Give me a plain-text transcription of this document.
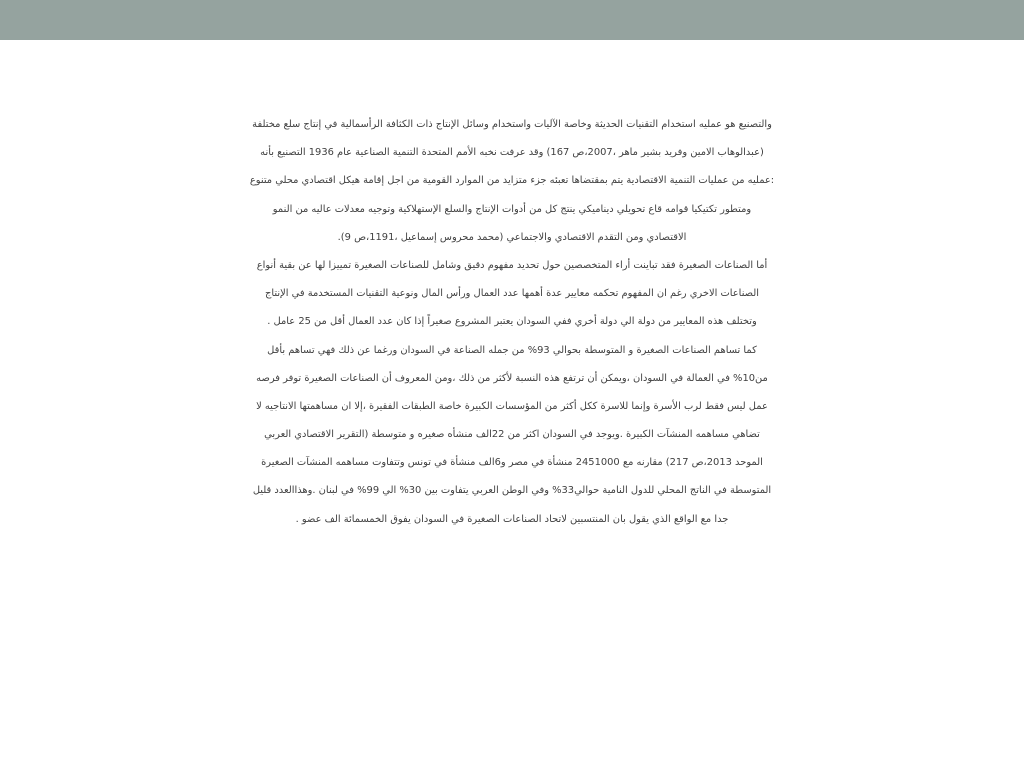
والتصنيع هو عمليه استخدام التقنيات الحديثة وخاصة الآليات واستخدام وسائل الإنتاج ذات الكثافة الرأسمالية في إنتاج سلع مختلفة
(عبدالوهاب الامين وفريد بشير ماهر ،2007،ص 167) وقد عرفت نخبه الأمم المتحدة التنمية الصناعية عام 1936 التصنيع بأنه
:عمليه من عمليات التنمية الاقتصادية يتم بمقتضاها تعبئه جزء متزايد من الموارد القومية من اجل إقامة هيكل اقتصادي محلي متنوع
ومتطور تكتيكيا قوامه قاع تحويلي ديناميكي ينتج كل من أدوات الإنتاج والسلع الإستهلاكية وتوجيه معدلات عاليه من النمو
الاقتصادي ومن التقدم الاقتصادي والاجتماعي (محمد محروس إسماعيل ،1191،ص 9).
أما الصناعات الصغيرة فقد تباينت أراء المتخصصين حول تحديد مفهوم دقيق وشامل للصناعات الصغيرة تمييزا لها عن بقية أنواع
الصناعات الاخري رغم ان المفهوم تحكمه معايير عدة أهمها عدد العمال ورأس المال ونوعية التقنيات المستخدمة في الإنتاج
وتختلف هذه المعايير من دولة الي دولة أخري ففي السودان يعتبر المشروع صغيراً إذا كان عدد العمال أقل من 25 عامل .
كما تساهم الصناعات الصغيرة و المتوسطة بحوالي 93% من جمله الصناعة في السودان ورغما عن ذلك فهي تساهم بأقل
من10% في العمالة في السودان ،ويمكن أن ترتفع هذه النسبة لأكثر من ذلك ،ومن المعروف أن الصناعات الصغيرة توفر فرصه
عمل ليس فقط لرب الأسرة وإنما للاسرة ككل أكثر من المؤسسات الكبيرة خاصة الطبقات الفقيرة ،إلا ان مساهمتها الانتاجيه لا
تضاهي مساهمه المنشآت الكبيرة .ويوجد في السودان اكثر من 22الف منشأه صغيره و متوسطة (التقرير الاقتصادي العربي
الموحد 2013،ص 217) مقارنه مع 2451000 منشأة في مصر و6الف منشأة في تونس وتتفاوت مساهمه المنشآت الصغيرة
المتوسطة في الناتج المحلي للدول النامية حوالي33% وفي الوطن العربي يتفاوت بين 30% الي 99% في لبنان .وهذاالعدد قليل
جدا مع الواقع الذي يقول بان المنتسبين لاتحاد الصناعات الصغيرة في السودان يفوق الخمسمائة الف عضو .
